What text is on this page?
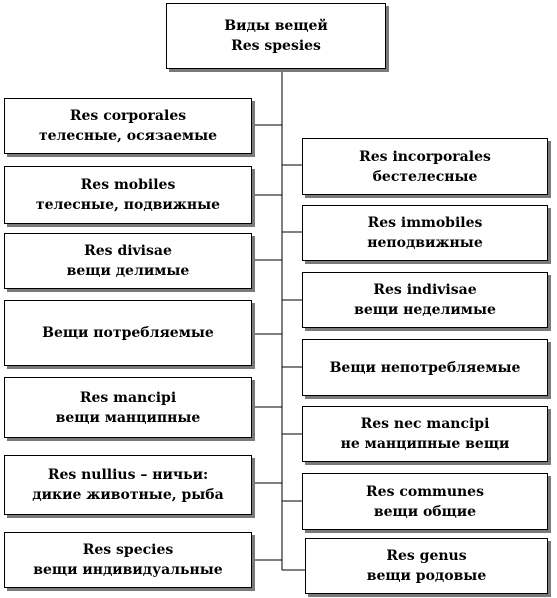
Виды вещей
Res spesies
Res corporales
телесные, осязаемые
Res mobiles
телесные, подвижные
Res divisae
вещи делимые
Вещи потребляемые
Res mancipi
вещи манципные
Res nullius – ничьи:
дикие животные, рыба
Res species
вещи индивидуальные
Res incorporales
бестелесные
Res immobiles
неподвижные
Res indivisae
вещи неделимые
Вещи непотребляемые
Res nec mancipi
не манципные вещи
Res communes
вещи общие
Res genus
вещи родовые
